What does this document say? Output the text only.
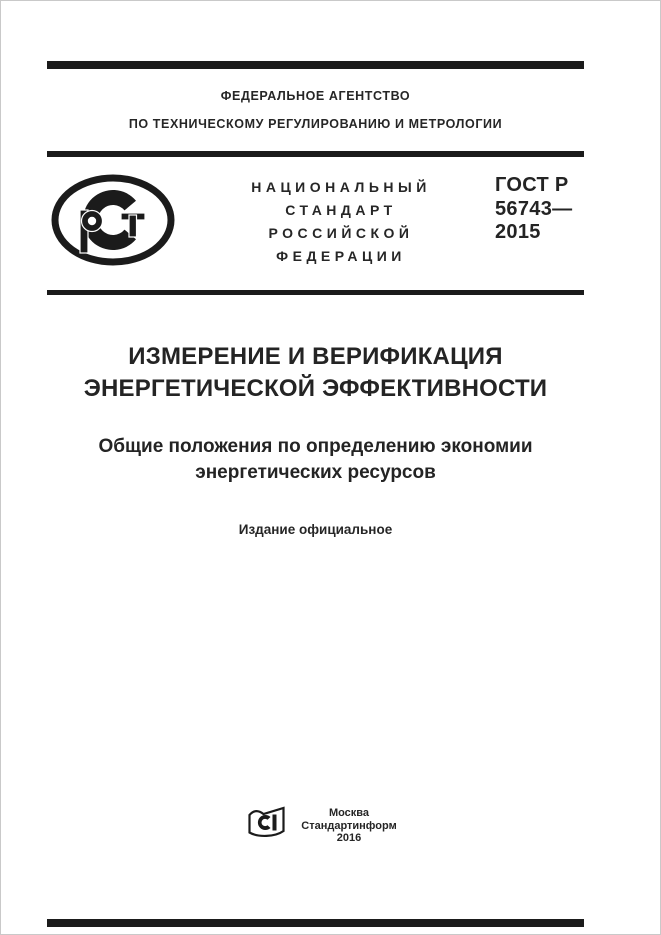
ФЕДЕРАЛЬНОЕ АГЕНТСТВО
ПО ТЕХНИЧЕСКОМУ РЕГУЛИРОВАНИЮ И МЕТРОЛОГИИ
НАЦИОНАЛЬНЫЙ
СТАНДАРТ
РОССИЙСКОЙ
ФЕДЕРАЦИИ
ГОСТ Р
56743—
2015
ИЗМЕРЕНИЕ И ВЕРИФИКАЦИЯ
ЭНЕРГЕТИЧЕСКОЙ ЭФФЕКТИВНОСТИ
Общие положения по определению экономии
энергетических ресурсов
Издание официальное
Москва
Стандартинформ
2016
